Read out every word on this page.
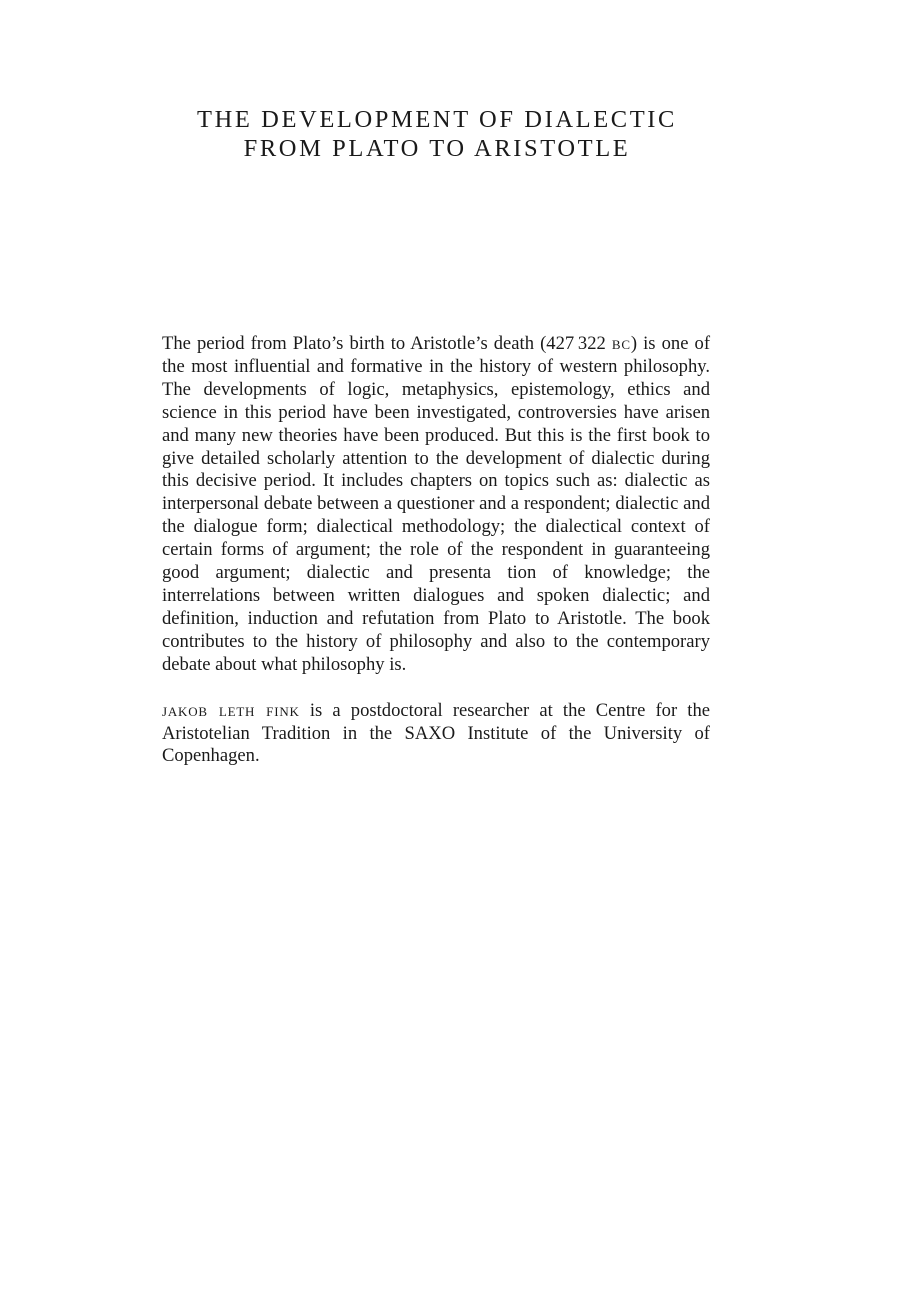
THE DEVELOPMENT OF DIALECTIC
FROM PLATO TO ARISTOTLE

The period from Plato’s birth to Aristotle’s death (427 322 bc) is one of the most influential and formative in the history of western philosophy. The developments of logic, metaphysics, epistemology, ethics and science in this period have been investigated, controversies have arisen and many new theories have been produced. But this is the first book to give detailed scholarly attention to the development of dialectic during this decisive period. It includes chapters on topics such as: dialectic as interpersonal debate between a questioner and a respondent; dialectic and the dialogue form; dialectical methodology; the dialectical context of certain forms of argument; the role of the respondent in guaranteeing good argument; dialectic and presenta tion of knowledge; the interrelations between written dialogues and spoken dialectic; and definition, induction and refutation from Plato to Aristotle. The book contributes to the history of philosophy and also to the contemporary debate about what philosophy is.

jakob leth fink is a postdoctoral researcher at the Centre for the Aristotelian Tradition in the SAXO Institute of the University of Copenhagen.
